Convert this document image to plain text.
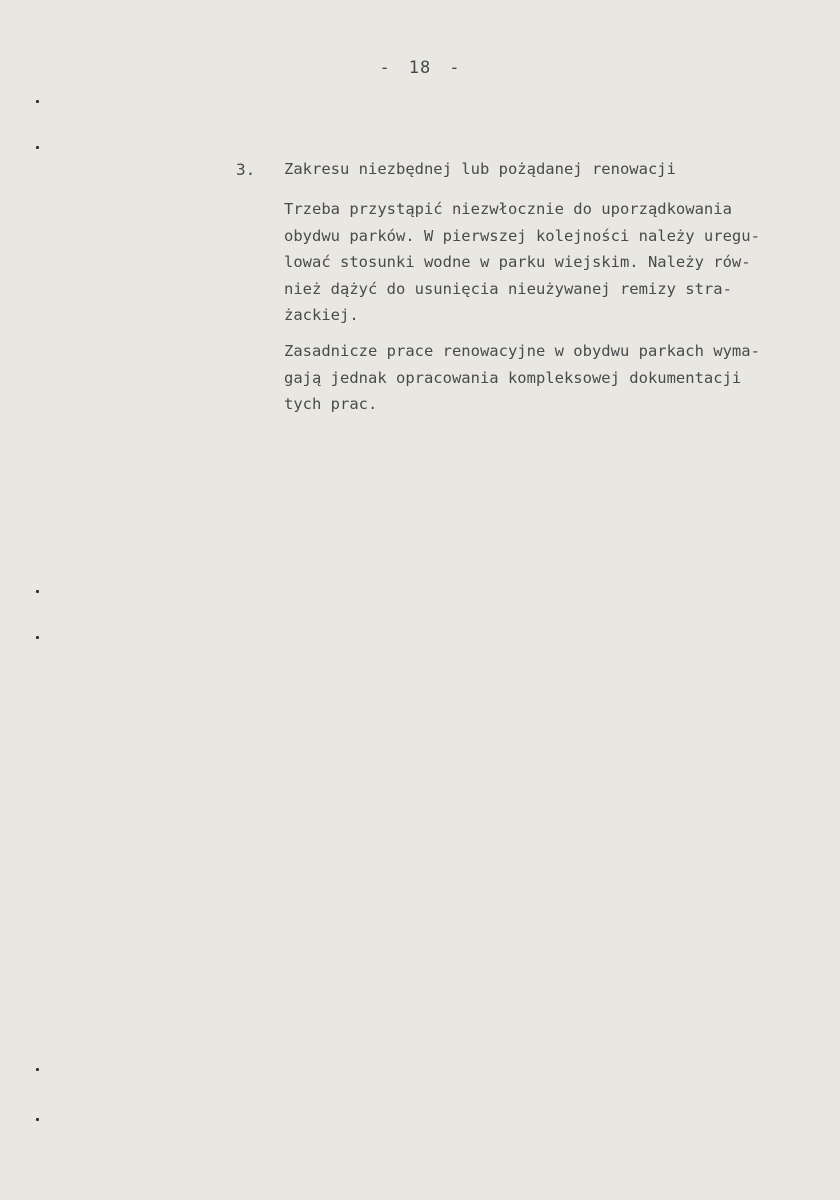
- 18 -
3. Zakresu niezbędnej lub pożądanej renowacji

Trzeba przystąpić niezwłocznie do uporządkowania
obydwu parków. W pierwszej kolejności należy uregu-
lować stosunki wodne w parku wiejskim. Należy rów-
nież dążyć do usunięcia nieużywanej remizy stra-
żackiej.

Zasadnicze prace renowacyjne w obydwu parkach wyma-
gają jednak opracowania kompleksowej dokumentacji
tych prac.
